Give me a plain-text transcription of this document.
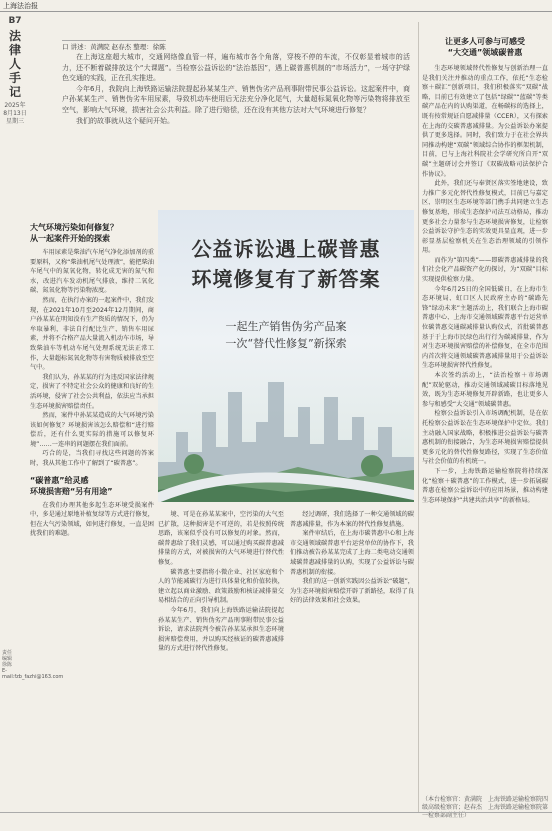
上海法治报
B7
法
律
人
手
记
2025年
8月13日
星期三
口 讲述：黄满院 赵春杰 整理：徐陈

在上海这座超大城市，交通网络像血管一样，遍布城市各个角落，穿梭不停的车流，不仅彰显着城市的活力，还不断着碳排放这个“大课题”。当检察公益诉讼的“法治基因”，遇上碳普惠机制的“市场活力”，一场守护绿色交通的实践，正在孔实推进。

今年6月，我院向上海铁路运输法院提起孙某某生产、销售伪劣产品刑事附带民事公益诉讼。这起案件中，商户孙某某生产、销售伪劣车用尿素，导致机动车使用后无法充分净化尾气，大量超标氮氧化物等污染物将排放至空气，影响大气环境，损害社会公共利益。除了进行赔偿，还在没有其他方法对大气环境进行修复？

我们的故事就从这个疑问开始。

让更多人可参与可感受
“大交通”领域碳普惠

生态环境领域替代性修复与创新治理一直是我们关注并推动的重点工作，依托“生态检察＋碳汇”创新项目，我们积极落实“双碳”战略，目前已有效建立了包括“绿碳”“蓝碳”等类碳产品在内的认购渠道，在畅碳标的选择上，既有按常规证自愿减排量（CCER），又有探索在上海的交碳普惠减排量。为公益诉讼办案提供了更多选择。同时，我们致力于在社会界共同推动构建“双碳”领域综合协作的框架机制，目前，已与上海社科院社会学研究所自开“双碳”主题研讨会并签订《双碳战略司法保护合作协议》。

此外，我们还与奉贤区落实签地建设，致力推广多元化替代性修复模式，目前已与嘉定区、崇明区生态环境等部门携手共同建立生态修复基地，形成生态保护司法互动格局，推动更多社会力量参与生态环境损害修复，让检察公益诉讼守护生态的实效更具显直观，进一步彰显基层检察机关在生态治理领域的引领作用。

而作为“第四类”——即碳普惠减排量的我们社会化产品碳资产化的探讨，为“双碳”目标实现提供检察力量。

今年6月25日的全国低碳日，在上海市生态环境局、虹口区人民政府主办的“碳路先锋”绿动未来”主题活动上，我们联合上海市碳普惠中心、上海市交通领域碳普惠平台运营单位碳普惠交通碳减排量认购仪式，首批碳普惠基于于上海市民绿色出行行为碳减排量，作为对生态环境损害赔偿的补偿修复，在全市范围内首次将交通领域碳普惠减排量用于公益诉讼生态环境损害替代性修复。

本次签约活动上，“法治检察＋市场调配”双轮驱动，推动交通领域减碳目标落地见效，既为生态环境修复开辟新路，也让更多人参与和感受“大交通”领域碳普惠。

检察公益诉讼引入市场调配机制，是在依托检察公益诉讼在生态环境保护中定位。我们主动融入国家战略，积极推进公益诉讼与碳普惠机制的衔接融合，为生态环境损害赔偿提供更多元化的替代性修复路径，实现了生态价值与社会价值的有机统一。

下一步，上海铁路运输检察院将持续深化“检察＋碳普惠”的工作模式，进一步拓展碳普惠在检察公益诉讼中的应用场景，推动构建生态环境保护“共建共治共享”的新格局。

大气环境污染如何修复？
从一起案件开始的探索

车用尿素是柴油汽车尾气净化添加剂的重要原料，又称“柴油机尾气处理液”，能把柴油车尾气中的氮氧化物，转化成无害的氮气和水，改进汽车发动机尾气排放，维持二氧化碳、氮氧化物等污染物浓度。

然而，在执行办案的一起案件中，我们发现，在2021年10月至2024年12月期间，商户孙某某在明知没有生产资质的情况下，仍为牟取暴利，非法自行配比生产、销售车用尿素，并将不合格产品大量流入机动车市场，导致柴油车等机动车尾气处理系统无法正常工作，大量超标氮氧化物等有害物质被排放至空气中。

我们认为，孙某某的行为违反国家法律规定，损害了不特定社会公众的健康和良好的生活环境，侵害了社会公共利益，依法应当承担生态环境损害赔偿责任。

然而，案件中孙某某造成的大气环境污染该如何修复？环境损害该怎么赔偿和“进行赔偿后，还有什么更实际的措施可以修复环境”……一连串的问题摆在我们面前。

巧合的是，当我们寻找这些问题的答案时，我从其他工作中了解到了“碳普惠”。

“碳普惠”给灵感
环境损害赔“另有用途”

在我们办理其他多起生态环境受损案件中，多是通过原地补植复绿等方式进行修复，但在大气污染领域，如何进行修复，一直是困扰我们的难题。

公益诉讼遇上碳普惠
环境修复有了新答案
一起生产销售伪劣产品案
一次“替代性修复”新探索

境、可是在孙某某案中，空污染的大气至已扩散，这种损害是不可逆的，若是按照传统思路，该案似乎没有可以修复的对象。然而，碳普惠给了我们灵感，可以通过购买碳普惠减排量的方式，对被损害的大气环境进行替代性修复。

碳普惠主要指将小微企业、社区家庭和个人的节能减碳行为进行具体量化和价值转换，建立起以商业激励、政策鼓励和核证减排量交易相结合的正向引导机制。

今年6月，我们向上海铁路运输法院提起孙某某生产、销售伪劣产品刑事附带民事公益诉讼，请求法院判令被告孙某某承担生态环境损害赔偿费用，并以购买经核证的碳普惠减排量的方式进行替代性修复。

经过调研，我们选择了一种交通领域的碳普惠减排量，作为本案的替代性修复措施。

案件审结后，在上海市碳普惠中心和上海市交通领域碳普惠平台运营单位的协作下，我们推动被告孙某某完成了上海二类电动交通领域碳普惠减排量的认购，实现了公益诉讼与碳普惠机制的衔接。

我们的这一创新实践因公益诉讼“破题”，为生态环境损害赔偿开辟了新路径，取得了良好的法律效果和社会效果。

（本台检察官：黄满院　上海铁路运输检察院四级高级检察官；赵春杰　上海铁路运输检察院第一检察部副主任）
责任编辑 徐陈 E-mail:fzb_fazhi@163.com
